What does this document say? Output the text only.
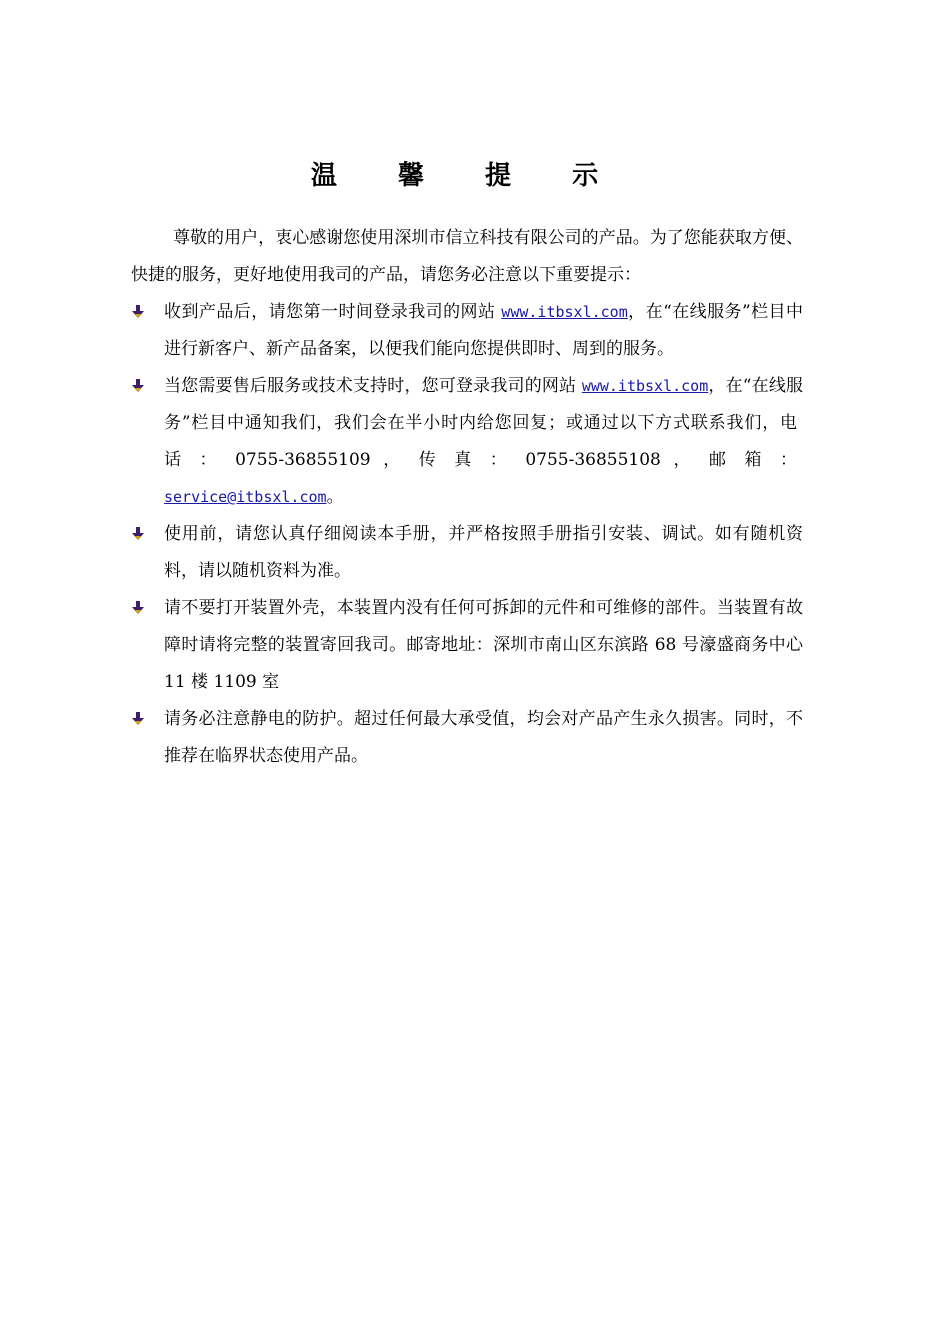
温 馨 提 示

尊敬的用户，衷心感谢您使用深圳市信立科技有限公司的产品。为了您能获取方便、快捷的服务，更好地使用我司的产品，请您务必注意以下重要提示：

收到产品后，请您第一时间登录我司的网站 www.itbsxl.com，在“在线服务”栏目中进行新客户、新产品备案，以便我们能向您提供即时、周到的服务。
当您需要售后服务或技术支持时，您可登录我司的网站 www.itbsxl.com，在“在线服务”栏目中通知我们，我们会在半小时内给您回复；或通过以下方式联系我们，电话：0755-36855109，传真：0755-36855108，邮箱：service@itbsxl.com。
使用前，请您认真仔细阅读本手册，并严格按照手册指引安装、调试。如有随机资料，请以随机资料为准。
请不要打开装置外壳，本装置内没有任何可拆卸的元件和可维修的部件。当装置有故障时请将完整的装置寄回我司。邮寄地址：深圳市南山区东滨路 68 号濠盛商务中心 11 楼 1109 室
请务必注意静电的防护。超过任何最大承受值，均会对产品产生永久损害。同时，不推荐在临界状态使用产品。
